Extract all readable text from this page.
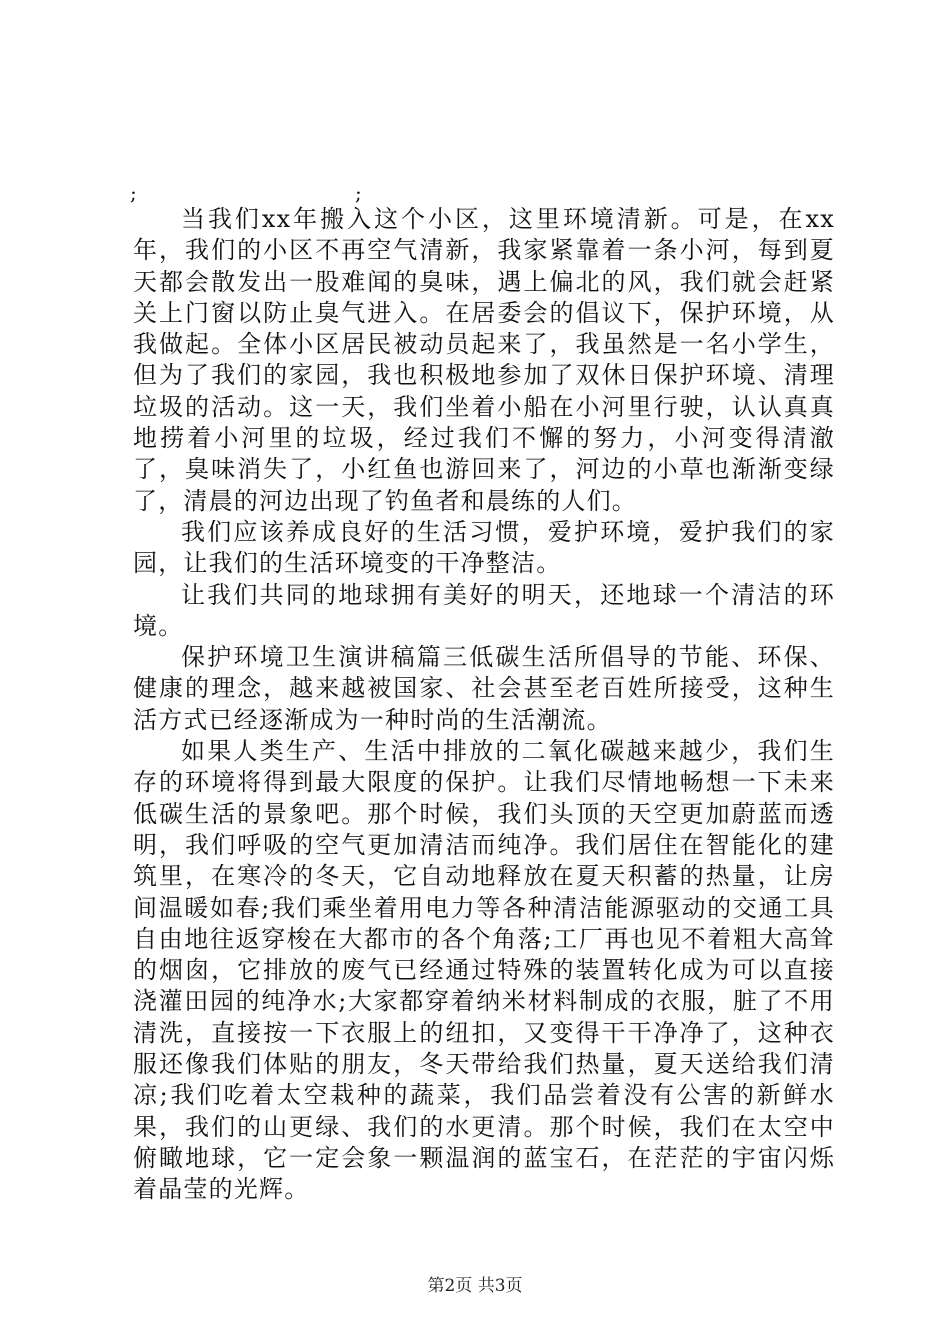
;	;

当我们xx年搬入这个小区，这里环境清新。可是，在xx年，我们的小区不再空气清新，我家紧靠着一条小河，每到夏天都会散发出一股难闻的臭味，遇上偏北的风，我们就会赶紧关上门窗以防止臭气进入。在居委会的倡议下，保护环境，从我做起。全体小区居民被动员起来了，我虽然是一名小学生，但为了我们的家园，我也积极地参加了双休日保护环境、清理垃圾的活动。这一天，我们坐着小船在小河里行驶，认认真真地捞着小河里的垃圾，经过我们不懈的努力，小河变得清澈了，臭味消失了，小红鱼也游回来了，河边的小草也渐渐变绿了，清晨的河边出现了钓鱼者和晨练的人们。

我们应该养成良好的生活习惯，爱护环境，爱护我们的家园，让我们的生活环境变的干净整洁。

让我们共同的地球拥有美好的明天，还地球一个清洁的环境。

保护环境卫生演讲稿篇三低碳生活所倡导的节能、环保、健康的理念，越来越被国家、社会甚至老百姓所接受，这种生活方式已经逐渐成为一种时尚的生活潮流。

如果人类生产、生活中排放的二氧化碳越来越少，我们生存的环境将得到最大限度的保护。让我们尽情地畅想一下未来低碳生活的景象吧。那个时候，我们头顶的天空更加蔚蓝而透明，我们呼吸的空气更加清洁而纯净。我们居住在智能化的建筑里，在寒冷的冬天，它自动地释放在夏天积蓄的热量，让房间温暖如春;我们乘坐着用电力等各种清洁能源驱动的交通工具自由地往返穿梭在大都市的各个角落;工厂再也见不着粗大高耸的烟囱，它排放的废气已经通过特殊的装置转化成为可以直接浇灌田园的纯净水;大家都穿着纳米材料制成的衣服，脏了不用清洗，直接按一下衣服上的纽扣，又变得干干净净了，这种衣服还像我们体贴的朋友，冬天带给我们热量，夏天送给我们清凉;我们吃着太空栽种的蔬菜，我们品尝着没有公害的新鲜水果，我们的山更绿、我们的水更清。那个时候，我们在太空中俯瞰地球，它一定会象一颗温润的蓝宝石，在茫茫的宇宙闪烁着晶莹的光辉。

第2页 共3页
